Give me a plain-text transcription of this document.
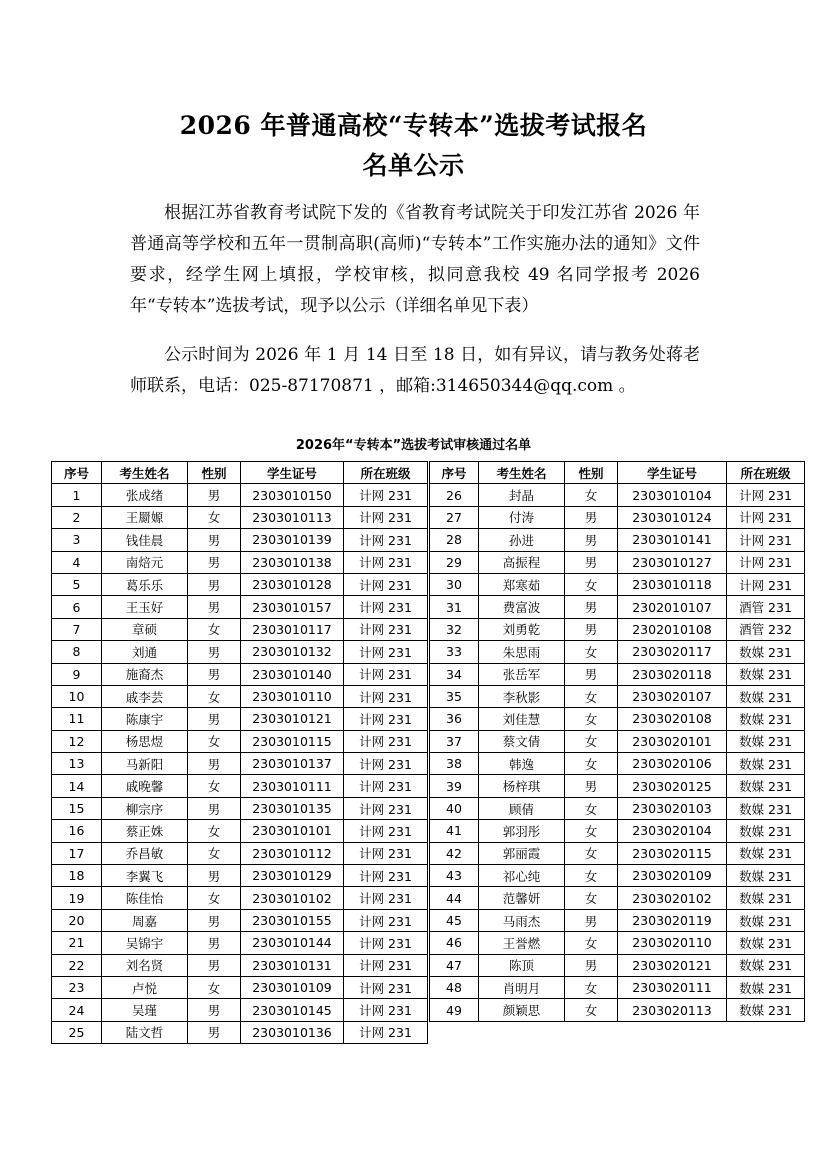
2026 年普通高校“专转本”选拔考试报名
名单公示
根据江苏省教育考试院下发的《省教育考试院关于印发江苏省 2026 年普通高等学校和五年一贯制高职(高师)“专转本”工作实施办法的通知》文件要求，经学生网上填报，学校审核，拟同意我校 49 名同学报考 2026 年“专转本”选拔考试，现予以公示（详细名单见下表）
公示时间为 2026 年 1 月 14 日至 18 日，如有异议，请与教务处蒋老师联系，电话：025-87170871 ，邮箱:314650344@qq.com 。
2026年“专转本”选拔考试审核通过名单
序号	考生姓名	性别	学生证号	所在班级
1	张成绪	男	2303010150	计网 231
2	王罽嫄	女	2303010113	计网 231
3	钱佳晨	男	2303010139	计网 231
4	南焙元	男	2303010138	计网 231
5	葛乐乐	男	2303010128	计网 231
6	王玉好	男	2303010157	计网 231
7	章硕	女	2303010117	计网 231
8	刘通	男	2303010132	计网 231
9	施裔杰	男	2303010140	计网 231
10	戚李芸	女	2303010110	计网 231
11	陈康宇	男	2303010121	计网 231
12	杨思煜	女	2303010115	计网 231
13	马新阳	男	2303010137	计网 231
14	戚晚馨	女	2303010111	计网 231
15	柳宗序	男	2303010135	计网 231
16	蔡正姝	女	2303010101	计网 231
17	乔昌敏	女	2303010112	计网 231
18	李翼飞	男	2303010129	计网 231
19	陈佳怡	女	2303010102	计网 231
20	周嘉	男	2303010155	计网 231
21	吴锦宇	男	2303010144	计网 231
22	刘名贤	男	2303010131	计网 231
23	卢悦	女	2303010109	计网 231
24	吴瑾	男	2303010145	计网 231
25	陆文哲	男	2303010136	计网 231
序号	考生姓名	性别	学生证号	所在班级
26	封晶	女	2303010104	计网 231
27	付涛	男	2303010124	计网 231
28	孙进	男	2303010141	计网 231
29	高振程	男	2303010127	计网 231
30	郑寒茹	女	2303010118	计网 231
31	费富波	男	2302010107	酒管 231
32	刘勇乾	男	2302010108	酒管 232
33	朱思雨	女	2303020117	数媒 231
34	张岳军	男	2303020118	数媒 231
35	李秋影	女	2303020107	数媒 231
36	刘佳慧	女	2303020108	数媒 231
37	蔡文倩	女	2303020101	数媒 231
38	韩逸	女	2303020106	数媒 231
39	杨梓琪	男	2303020125	数媒 231
40	顾倩	女	2303020103	数媒 231
41	郭羽彤	女	2303020104	数媒 231
42	郭丽霞	女	2303020115	数媒 231
43	祁心纯	女	2303020109	数媒 231
44	范馨妍	女	2303020102	数媒 231
45	马雨杰	男	2303020119	数媒 231
46	王誉燃	女	2303020110	数媒 231
47	陈顶	男	2303020121	数媒 231
48	肖明月	女	2303020111	数媒 231
49	颜颖思	女	2303020113	数媒 231
